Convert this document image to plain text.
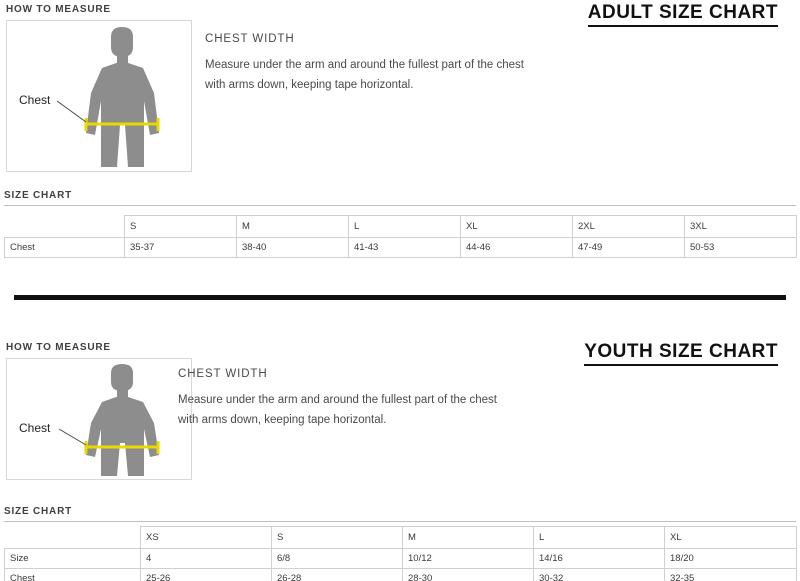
HOW TO MEASURE	ADULT SIZE CHART
Chest
CHEST WIDTH
Measure under the arm and around the fullest part of the chest
with arms down, keeping tape horizontal.
SIZE CHART
	S	M	L	XL	2XL	3XL
Chest	35-37	38-40	41-43	44-46	47-49	50-53
HOW TO MEASURE	YOUTH SIZE CHART
Chest
CHEST WIDTH
Measure under the arm and around the fullest part of the chest
with arms down, keeping tape horizontal.
SIZE CHART
	XS	S	M	L	XL
Size	4	6/8	10/12	14/16	18/20
Chest	25-26	26-28	28-30	30-32	32-35
